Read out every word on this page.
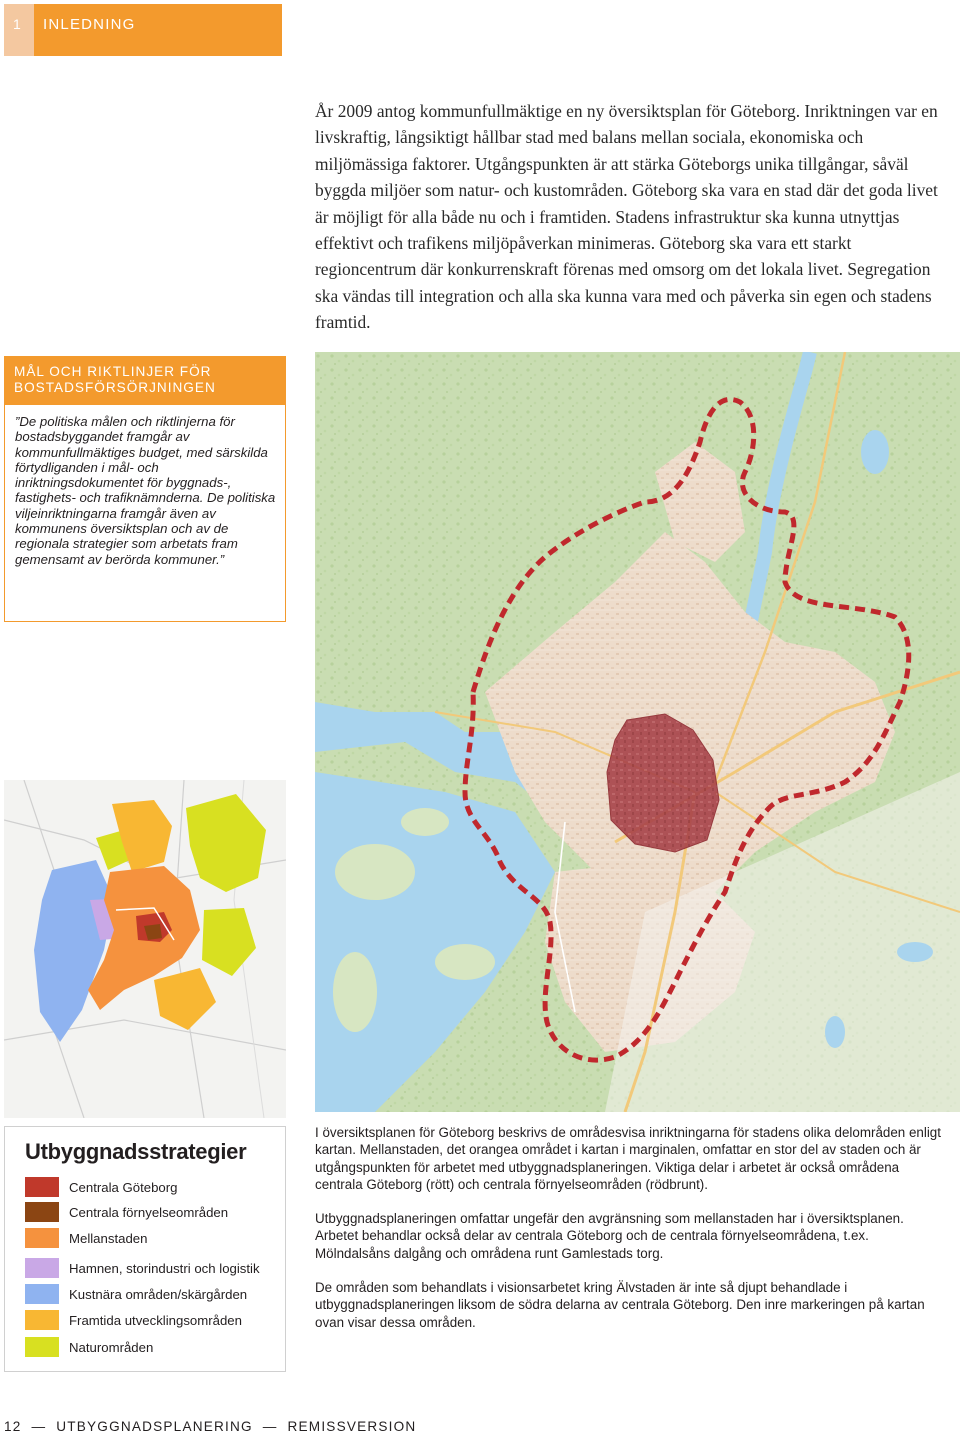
1	INLEDNING

År 2009 antog kommunfullmäktige en ny översiktsplan för Göteborg. Inriktningen var en livskraftig, långsiktigt hållbar stad med balans mellan sociala, ekonomiska och miljömässiga faktorer. Utgångspunkten är att stärka Göteborgs unika tillgångar, såväl byggda miljöer som natur- och kustområden. Göteborg ska vara en stad där det goda livet är möjligt för alla både nu och i framtiden. Stadens infrastruktur ska kunna utnyttjas effektivt och trafikens miljöpåverkan minimeras. Göteborg ska vara ett starkt regioncentrum där konkurrenskraft förenas med omsorg om det lokala livet. Segregation ska vändas till integration och alla ska kunna vara med och påverka sin egen och stadens framtid.

MÅL OCH RIKTLINJER FÖR
BOSTADSFÖRSÖRJNINGEN
”De politiska målen och riktlinjerna för bostadsbyggandet framgår av kommunfullmäktiges budget, med särskilda förtydliganden i mål- och inriktningsdokumentet för byggnads-, fastighets- och trafiknämnderna. De politiska viljeinriktningarna framgår även av kommunens översiktsplan och av de regionala strategier som arbetats fram gemensamt av berörda kommuner.”
Utbyggnadsstrategier
Centrala Göteborg
Centrala förnyelseområden
Mellanstaden
Hamnen, storindustri och logistik
Kustnära områden/skärgården
Framtida utvecklingsområden
Naturområden

I översiktsplanen för Göteborg beskrivs de områdesvisa inriktningarna för stadens olika delområden enligt kartan. Mellanstaden, det orangea området i kartan i marginalen, omfattar en stor del av staden och är utgångspunkten för arbetet med utbyggnadsplaneringen. Viktiga delar i arbetet är också områdena centrala Göteborg (rött) och centrala förnyelseområden (rödbrunt).

Utbyggnadsplaneringen omfattar ungefär den avgränsning som mellanstaden har i översiktsplanen. Arbetet behandlar också delar av centrala Göteborg och de centrala förnyelseområdena, t.ex. Mölndalsåns dalgång och områdena runt Gamlestads torg.

De områden som behandlats i visionsarbetet kring Älvstaden är inte så djupt behandlade i utbyggnadsplaneringen liksom de södra delarna av centrala Göteborg. Den inre markeringen på kartan ovan visar dessa områden.

12  —  UTBYGGNADSPLANERING  —  REMISSVERSION
